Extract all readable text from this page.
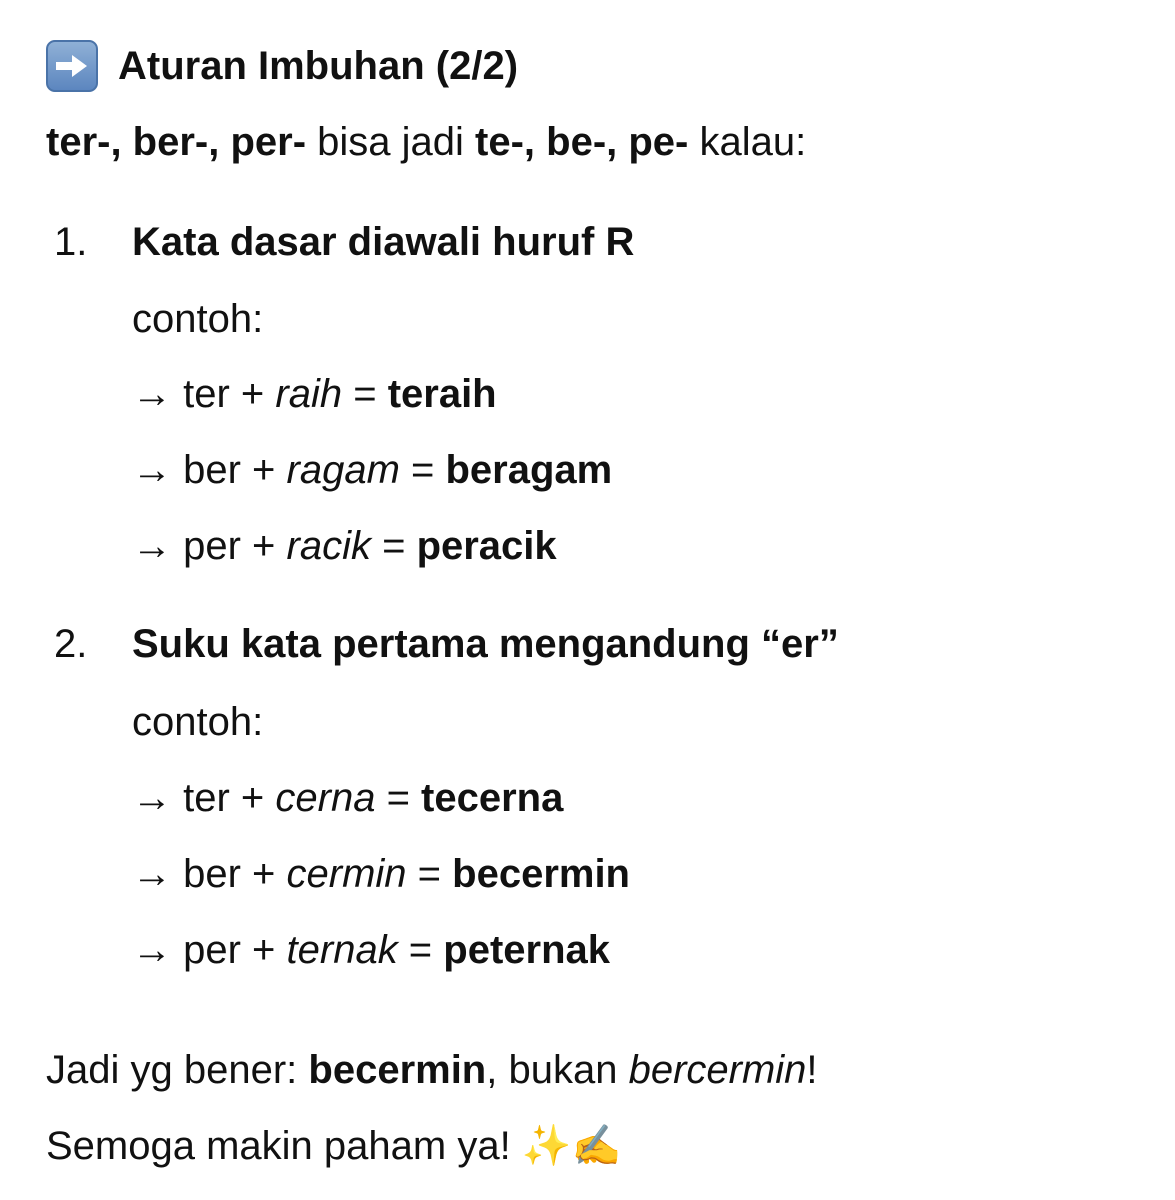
Aturan Imbuhan (2/2)
ter-, ber-, per- bisa jadi te-, be-, pe- kalau:
1. Kata dasar diawali huruf R
contoh:
→ ter + raih = teraih
→ ber + ragam = beragam
→ per + racik = peracik
2. Suku kata pertama mengandung “er”
contoh:
→ ter + cerna = tecerna
→ ber + cermin = becermin
→ per + ternak = peternak
Jadi yg bener: becermin, bukan bercermin!
Semoga makin paham ya! ✨✍️
